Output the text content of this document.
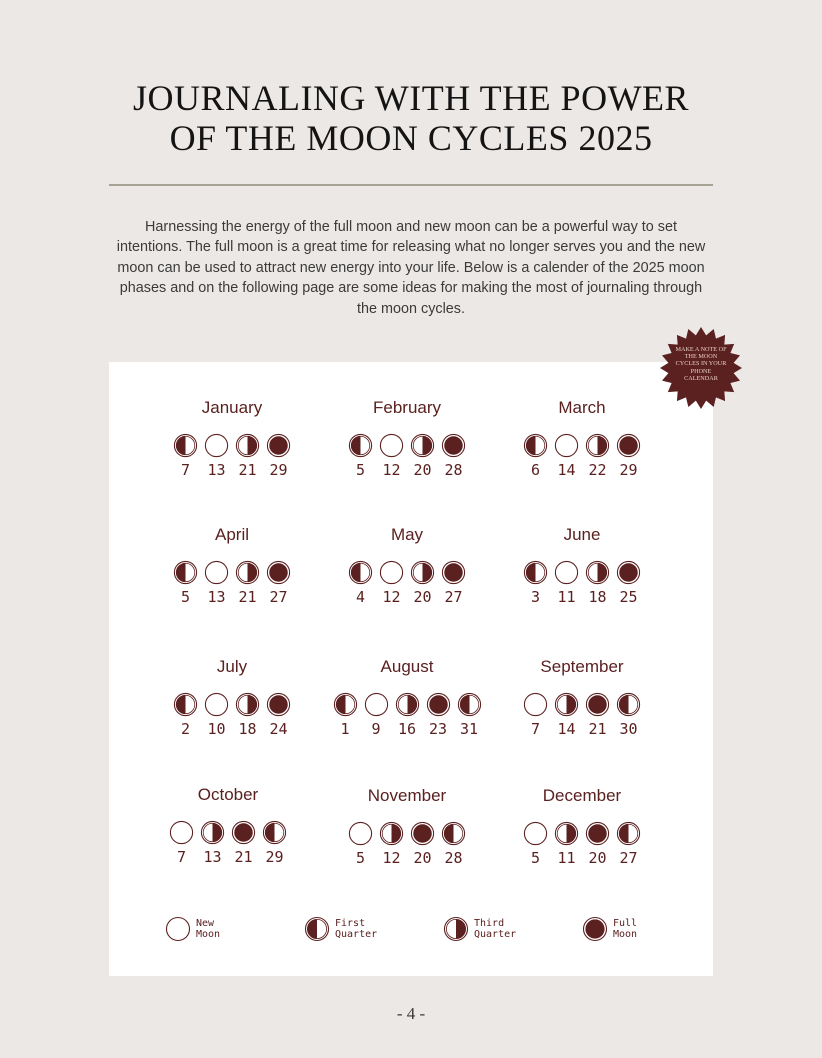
JOURNALING WITH THE POWER
OF THE MOON CYCLES 2025

Harnessing the energy of the full moon and new moon can be a powerful way to set intentions. The full moon is a great time for releasing what no longer serves you and the new moon can be used to attract new energy into your life. Below is a calender of the 2025 moon phases and on the following page are some ideas for making the most of journaling through the moon cycles.

MAKE A NOTE OF THE MOON CYCLES IN YOUR PHONE CALENDAR
January
7	13 21 29
February
5	12 20 28
March
6	14 22 29
April
5	13 21 27
May
4	12 20 27
June
3	11 18 25
July
2	10 18 24
August
1	9	16 23 31
September
7	14 21 30
October
7	13 21 29
November
5	12 20 28
December
5	11 20 27
New
Moon
First
Quarter
Third
Quarter
Full
Moon
- 4 -
